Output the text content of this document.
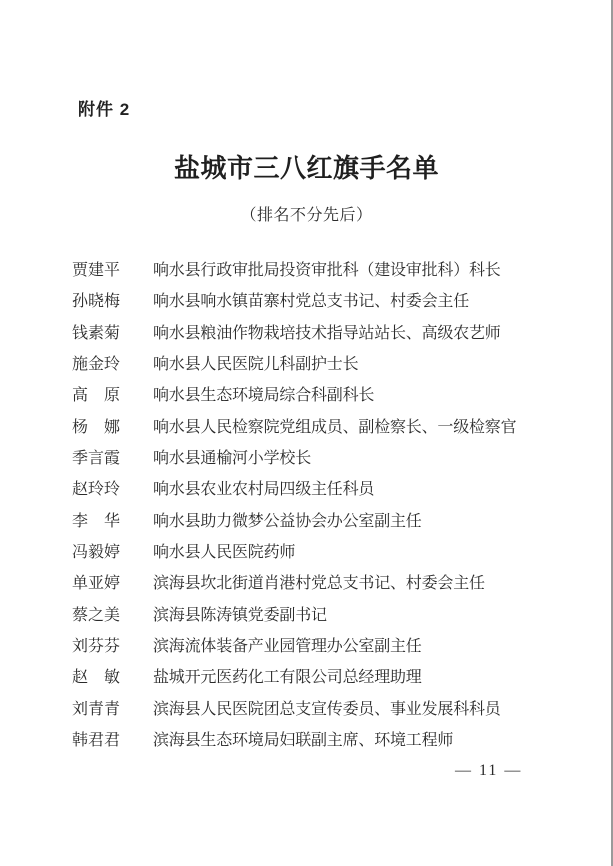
附件 2
盐城市三八红旗手名单
（排名不分先后）
贾建平 响水县行政审批局投资审批科（建设审批科）科长
孙晓梅 响水县响水镇苗寨村党总支书记、村委会主任
钱素菊 响水县粮油作物栽培技术指导站站长、高级农艺师
施金玲 响水县人民医院儿科副护士长
高原 响水县生态环境局综合科副科长
杨娜 响水县人民检察院党组成员、副检察长、一级检察官
季言霞 响水县通榆河小学校长
赵玲玲 响水县农业农村局四级主任科员
李华 响水县助力微梦公益协会办公室副主任
冯毅婷 响水县人民医院药师
单亚婷 滨海县坎北街道肖港村党总支书记、村委会主任
蔡之美 滨海县陈涛镇党委副书记
刘芬芬 滨海流体装备产业园管理办公室副主任
赵敏 盐城开元医药化工有限公司总经理助理
刘青青 滨海县人民医院团总支宣传委员、事业发展科科员
韩君君 滨海县生态环境局妇联副主席、环境工程师
— 11 —
